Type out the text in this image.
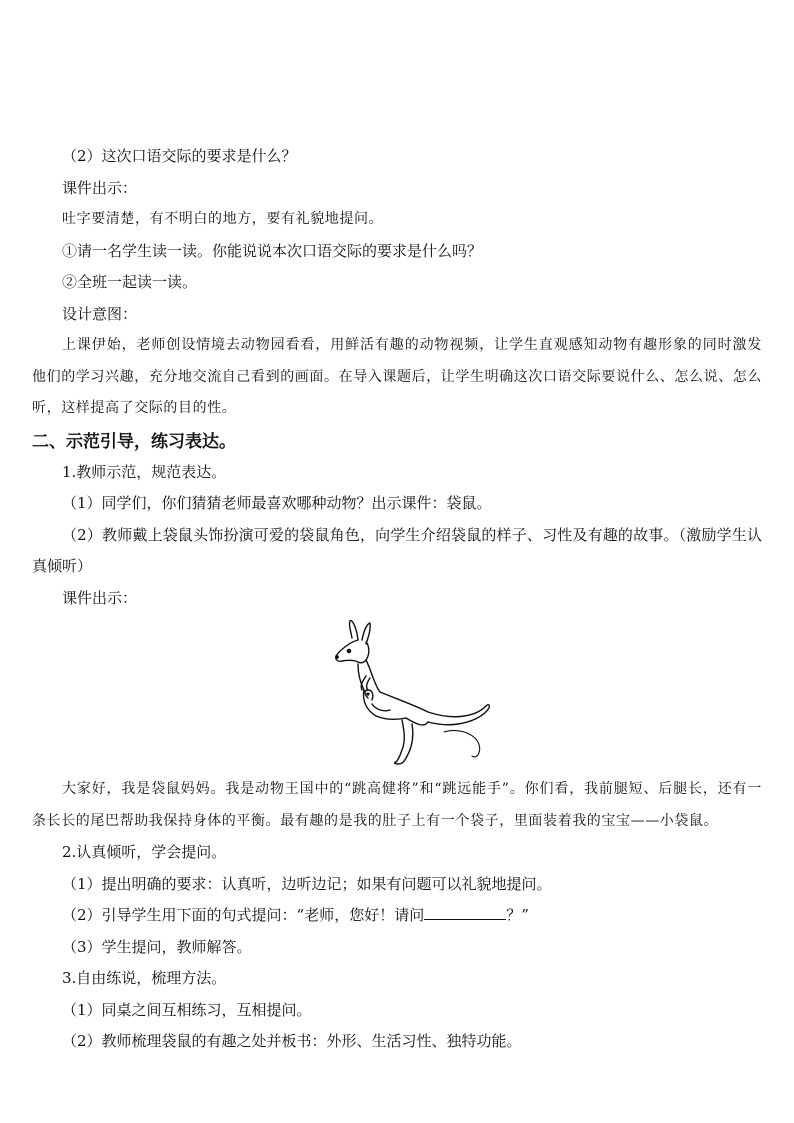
（2）这次口语交际的要求是什么？

课件出示：

吐字要清楚，有不明白的地方，要有礼貌地提问。

①请一名学生读一读。你能说说本次口语交际的要求是什么吗？

②全班一起读一读。

设计意图：

上课伊始，老师创设情境去动物园看看，用鲜活有趣的动物视频，让学生直观感知动物有趣形象的同时激发他们的学习兴趣，充分地交流自己看到的画面。在导入课题后，让学生明确这次口语交际要说什么、怎么说、怎么听，这样提高了交际的目的性。

二、示范引导，练习表达。

1.教师示范，规范表达。

（1）同学们，你们猜猜老师最喜欢哪种动物？出示课件：袋鼠。

（2）教师戴上袋鼠头饰扮演可爱的袋鼠角色，向学生介绍袋鼠的样子、习性及有趣的故事。（激励学生认真倾听）

课件出示：

大家好，我是袋鼠妈妈。我是动物王国中的“跳高健将”和“跳远能手”。你们看，我前腿短、后腿长，还有一条长长的尾巴帮助我保持身体的平衡。最有趣的是我的肚子上有一个袋子，里面装着我的宝宝——小袋鼠。

2.认真倾听，学会提问。

（1）提出明确的要求：认真听，边听边记；如果有问题可以礼貌地提问。

（2）引导学生用下面的句式提问：“老师，您好！请问	？”

（3）学生提问，教师解答。

3.自由练说，梳理方法。

（1）同桌之间互相练习，互相提问。

（2）教师梳理袋鼠的有趣之处并板书：外形、生活习性、独特功能。
